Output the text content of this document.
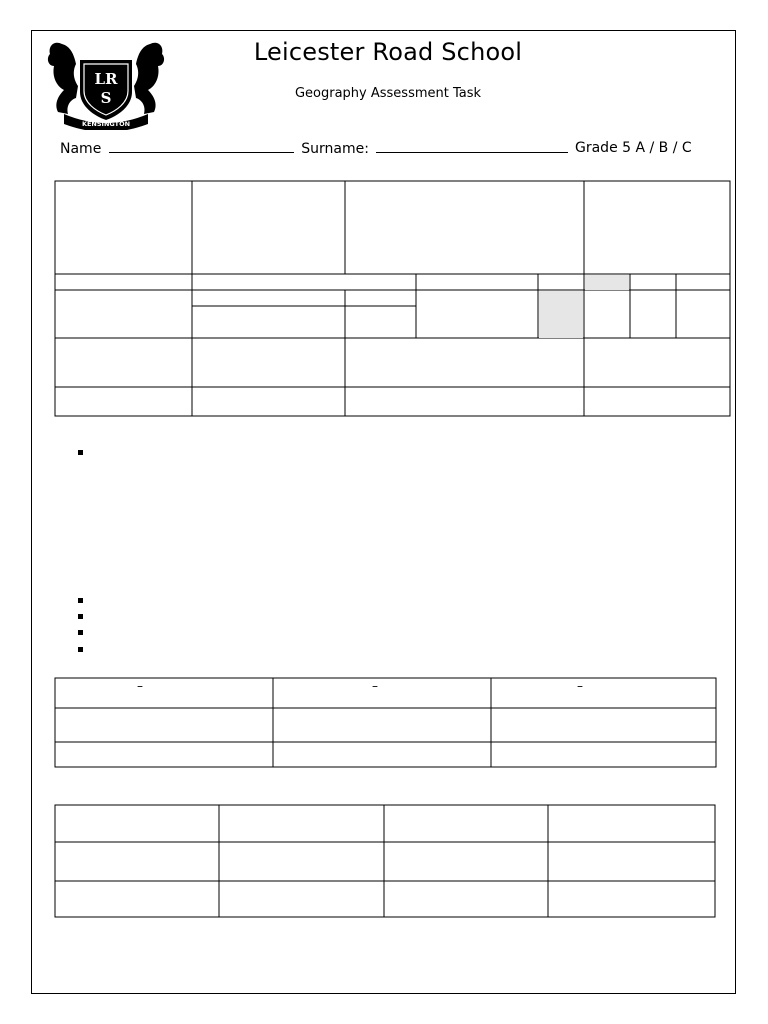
LR
S
KENSINGTON
Leicester Road School
Geography Assessment Task
Name	Surname:	Grade 5 A / B / C
–	–	–
